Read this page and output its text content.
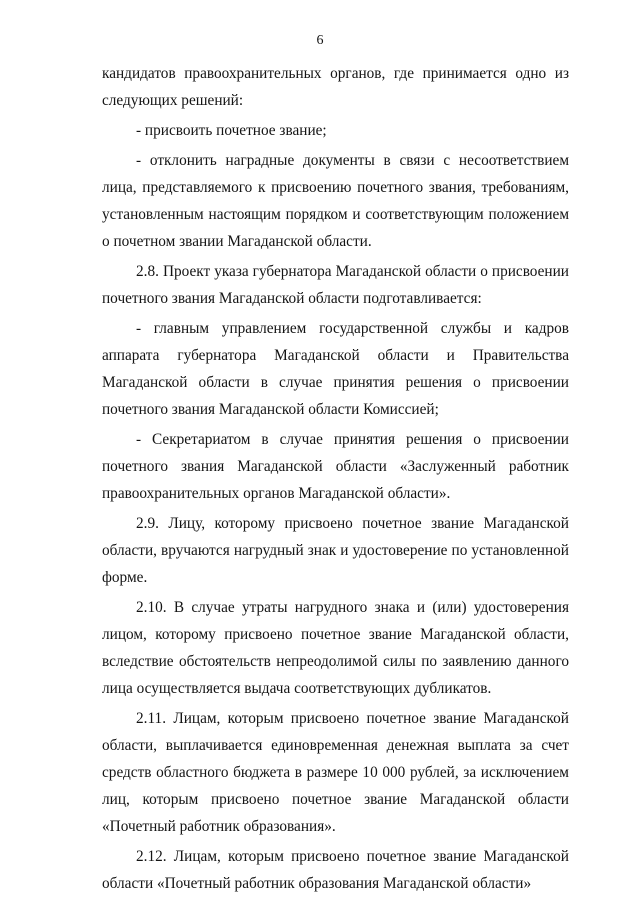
6

кандидатов правоохранительных органов, где принимается одно из следующих решений:

- присвоить почетное звание;

- отклонить наградные документы в связи с несоответствием лица, представляемого к присвоению почетного звания, требованиям, установленным настоящим порядком и соответствующим положением о почетном звании Магаданской области.

2.8. Проект указа губернатора Магаданской области о присвоении почетного звания Магаданской области подготавливается:

- главным управлением государственной службы и кадров аппарата губернатора Магаданской области и Правительства Магаданской области в случае принятия решения о присвоении почетного звания Магаданской области Комиссией;

- Секретариатом в случае принятия решения о присвоении почетного звания Магаданской области «Заслуженный работник правоохранительных органов Магаданской области».

2.9. Лицу, которому присвоено почетное звание Магаданской области, вручаются нагрудный знак и удостоверение по установленной форме.

2.10. В случае утраты нагрудного знака и (или) удостоверения лицом, которому присвоено почетное звание Магаданской области, вследствие обстоятельств непреодолимой силы по заявлению данного лица осуществляется выдача соответствующих дубликатов.

2.11. Лицам, которым присвоено почетное звание Магаданской области, выплачивается единовременная денежная выплата за счет средств областного бюджета в размере 10 000 рублей, за исключением лиц, которым присвоено почетное звание Магаданской области «Почетный работник образования».

2.12. Лицам, которым присвоено почетное звание Магаданской области «Почетный работник образования Магаданской области»
